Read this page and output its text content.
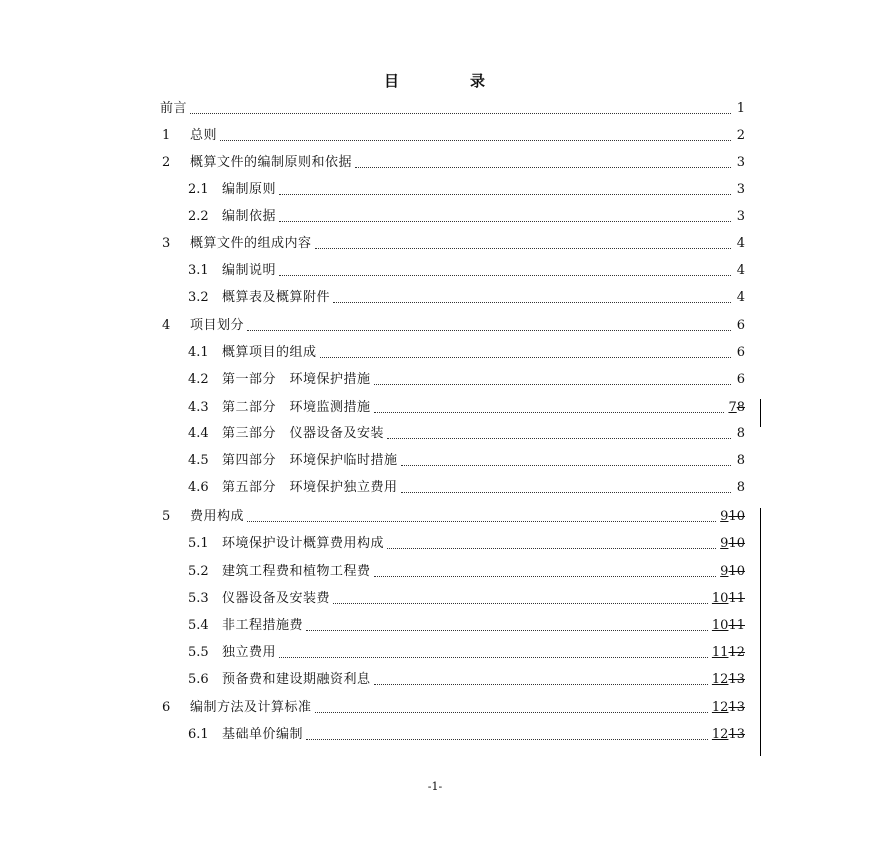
目	录
前言	1
1	总则	2
2	概算文件的编制原则和依据	3
2.1	编制原则	3
2.2	编制依据	3
3	概算文件的组成内容	4
3.1	编制说明	4
3.2	概算表及概算附件	4
4	项目划分	6
4.1	概算项目的组成	6
4.2	第一部分　环境保护措施	6
4.3	第二部分　环境监测措施	78
4.4	第三部分　仪器设备及安装	8
4.5	第四部分　环境保护临时措施	8
4.6	第五部分　环境保护独立费用	8
5	费用构成	910
5.1	环境保护设计概算费用构成	910
5.2	建筑工程费和植物工程费	910
5.3	仪器设备及安装费	1011
5.4	非工程措施费	1011
5.5	独立费用	1112
5.6	预备费和建设期融资利息	1213
6	编制方法及计算标准	1213
6.1	基础单价编制	1213
-1-
